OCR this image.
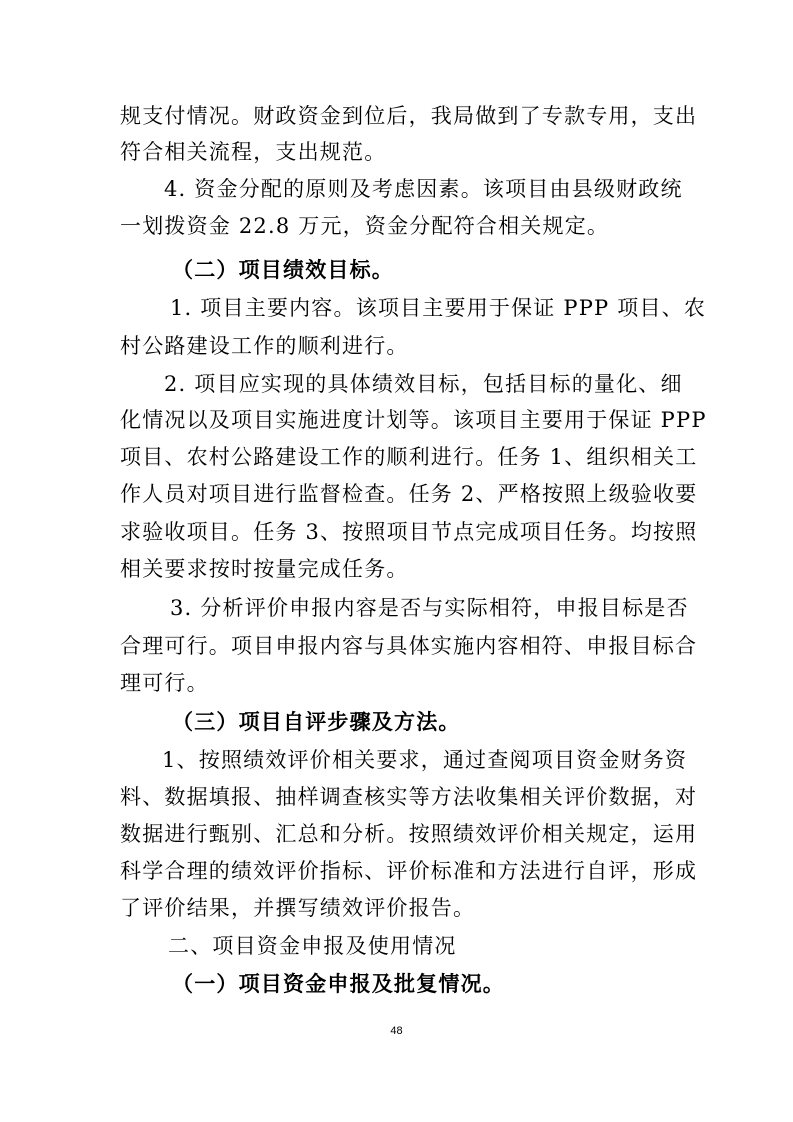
规支付情况。财政资金到位后，我局做到了专款专用，支出
符合相关流程，支出规范。
4. 资金分配的原则及考虑因素。该项目由县级财政统
一划拨资金 22.8 万元，资金分配符合相关规定。
（二）项目绩效目标。
1. 项目主要内容。该项目主要用于保证 PPP 项目、农
村公路建设工作的顺利进行。
2. 项目应实现的具体绩效目标，包括目标的量化、细
化情况以及项目实施进度计划等。该项目主要用于保证 PPP
项目、农村公路建设工作的顺利进行。任务 1、组织相关工
作人员对项目进行监督检查。任务 2、严格按照上级验收要
求验收项目。任务 3、按照项目节点完成项目任务。均按照
相关要求按时按量完成任务。
3. 分析评价申报内容是否与实际相符，申报目标是否
合理可行。项目申报内容与具体实施内容相符、申报目标合
理可行。
（三）项目自评步骤及方法。
1、按照绩效评价相关要求，通过查阅项目资金财务资
料、数据填报、抽样调查核实等方法收集相关评价数据，对
数据进行甄别、汇总和分析。按照绩效评价相关规定，运用
科学合理的绩效评价指标、评价标准和方法进行自评，形成
了评价结果，并撰写绩效评价报告。
二、项目资金申报及使用情况
（一）项目资金申报及批复情况。
48
